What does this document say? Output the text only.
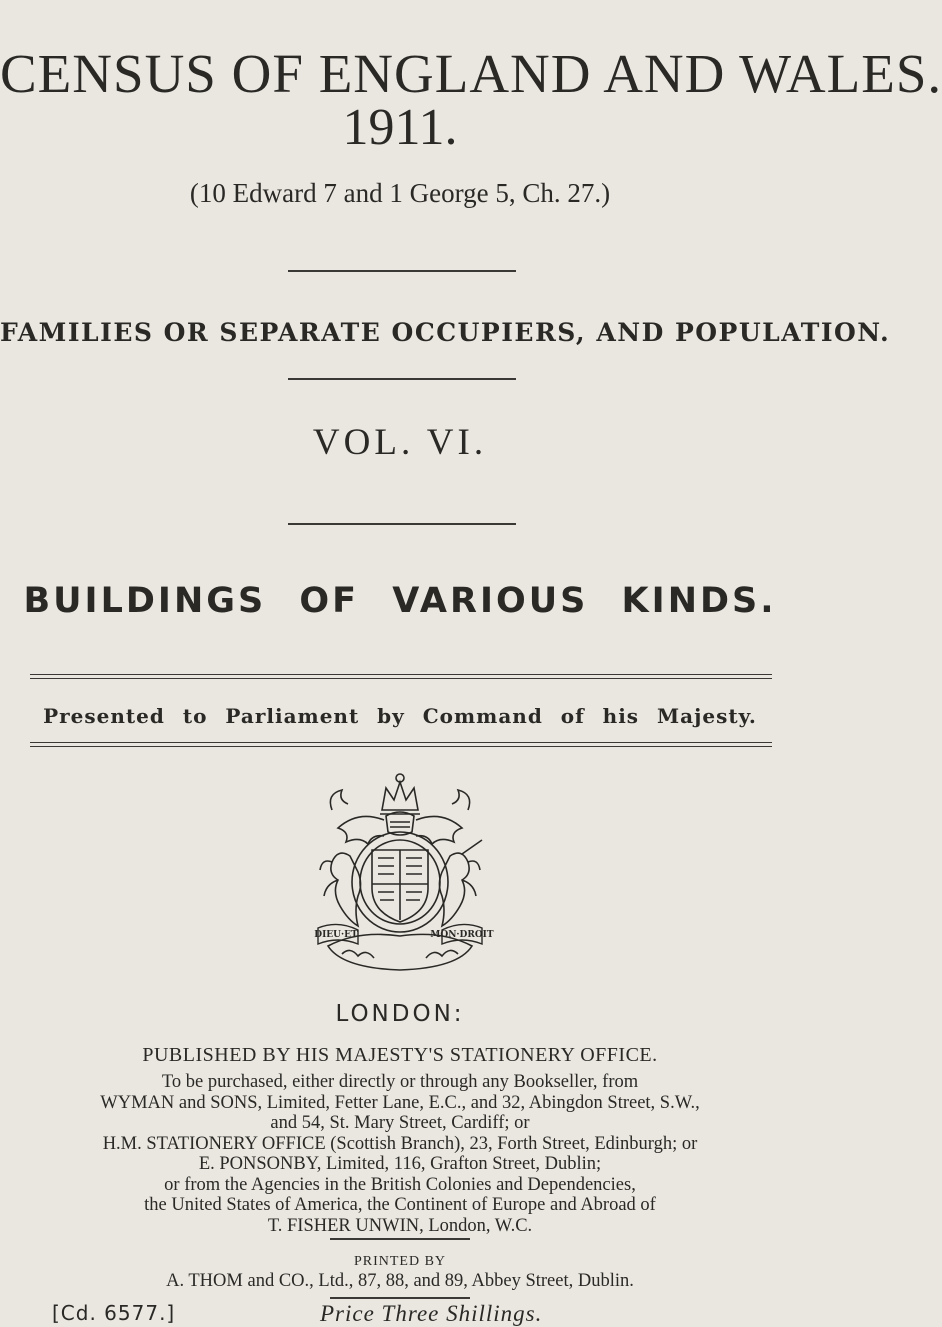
CENSUS OF ENGLAND AND WALES.
1911.
(10 Edward 7 and 1 George 5, Ch. 27.)
FAMILIES OR SEPARATE OCCUPIERS, AND POPULATION.
VOL. VI.
BUILDINGS OF VARIOUS KINDS.
Presented to Parliament by Command of his Majesty.
DIEU·ET	MON·DROIT
LONDON:
PUBLISHED BY HIS MAJESTY'S STATIONERY OFFICE.
To be purchased, either directly or through any Bookseller, from
WYMAN and SONS, Limited, Fetter Lane, E.C., and 32, Abingdon Street, S.W.,
and 54, St. Mary Street, Cardiff; or
H.M. STATIONERY OFFICE (Scottish Branch), 23, Forth Street, Edinburgh; or
E. PONSONBY, Limited, 116, Grafton Street, Dublin;
or from the Agencies in the British Colonies and Dependencies,
the United States of America, the Continent of Europe and Abroad of
T. FISHER UNWIN, London, W.C.
PRINTED BY
A. THOM and CO., Ltd., 87, 88, and 89, Abbey Street, Dublin.
[Cd. 6577.]	Price Three Shillings.
